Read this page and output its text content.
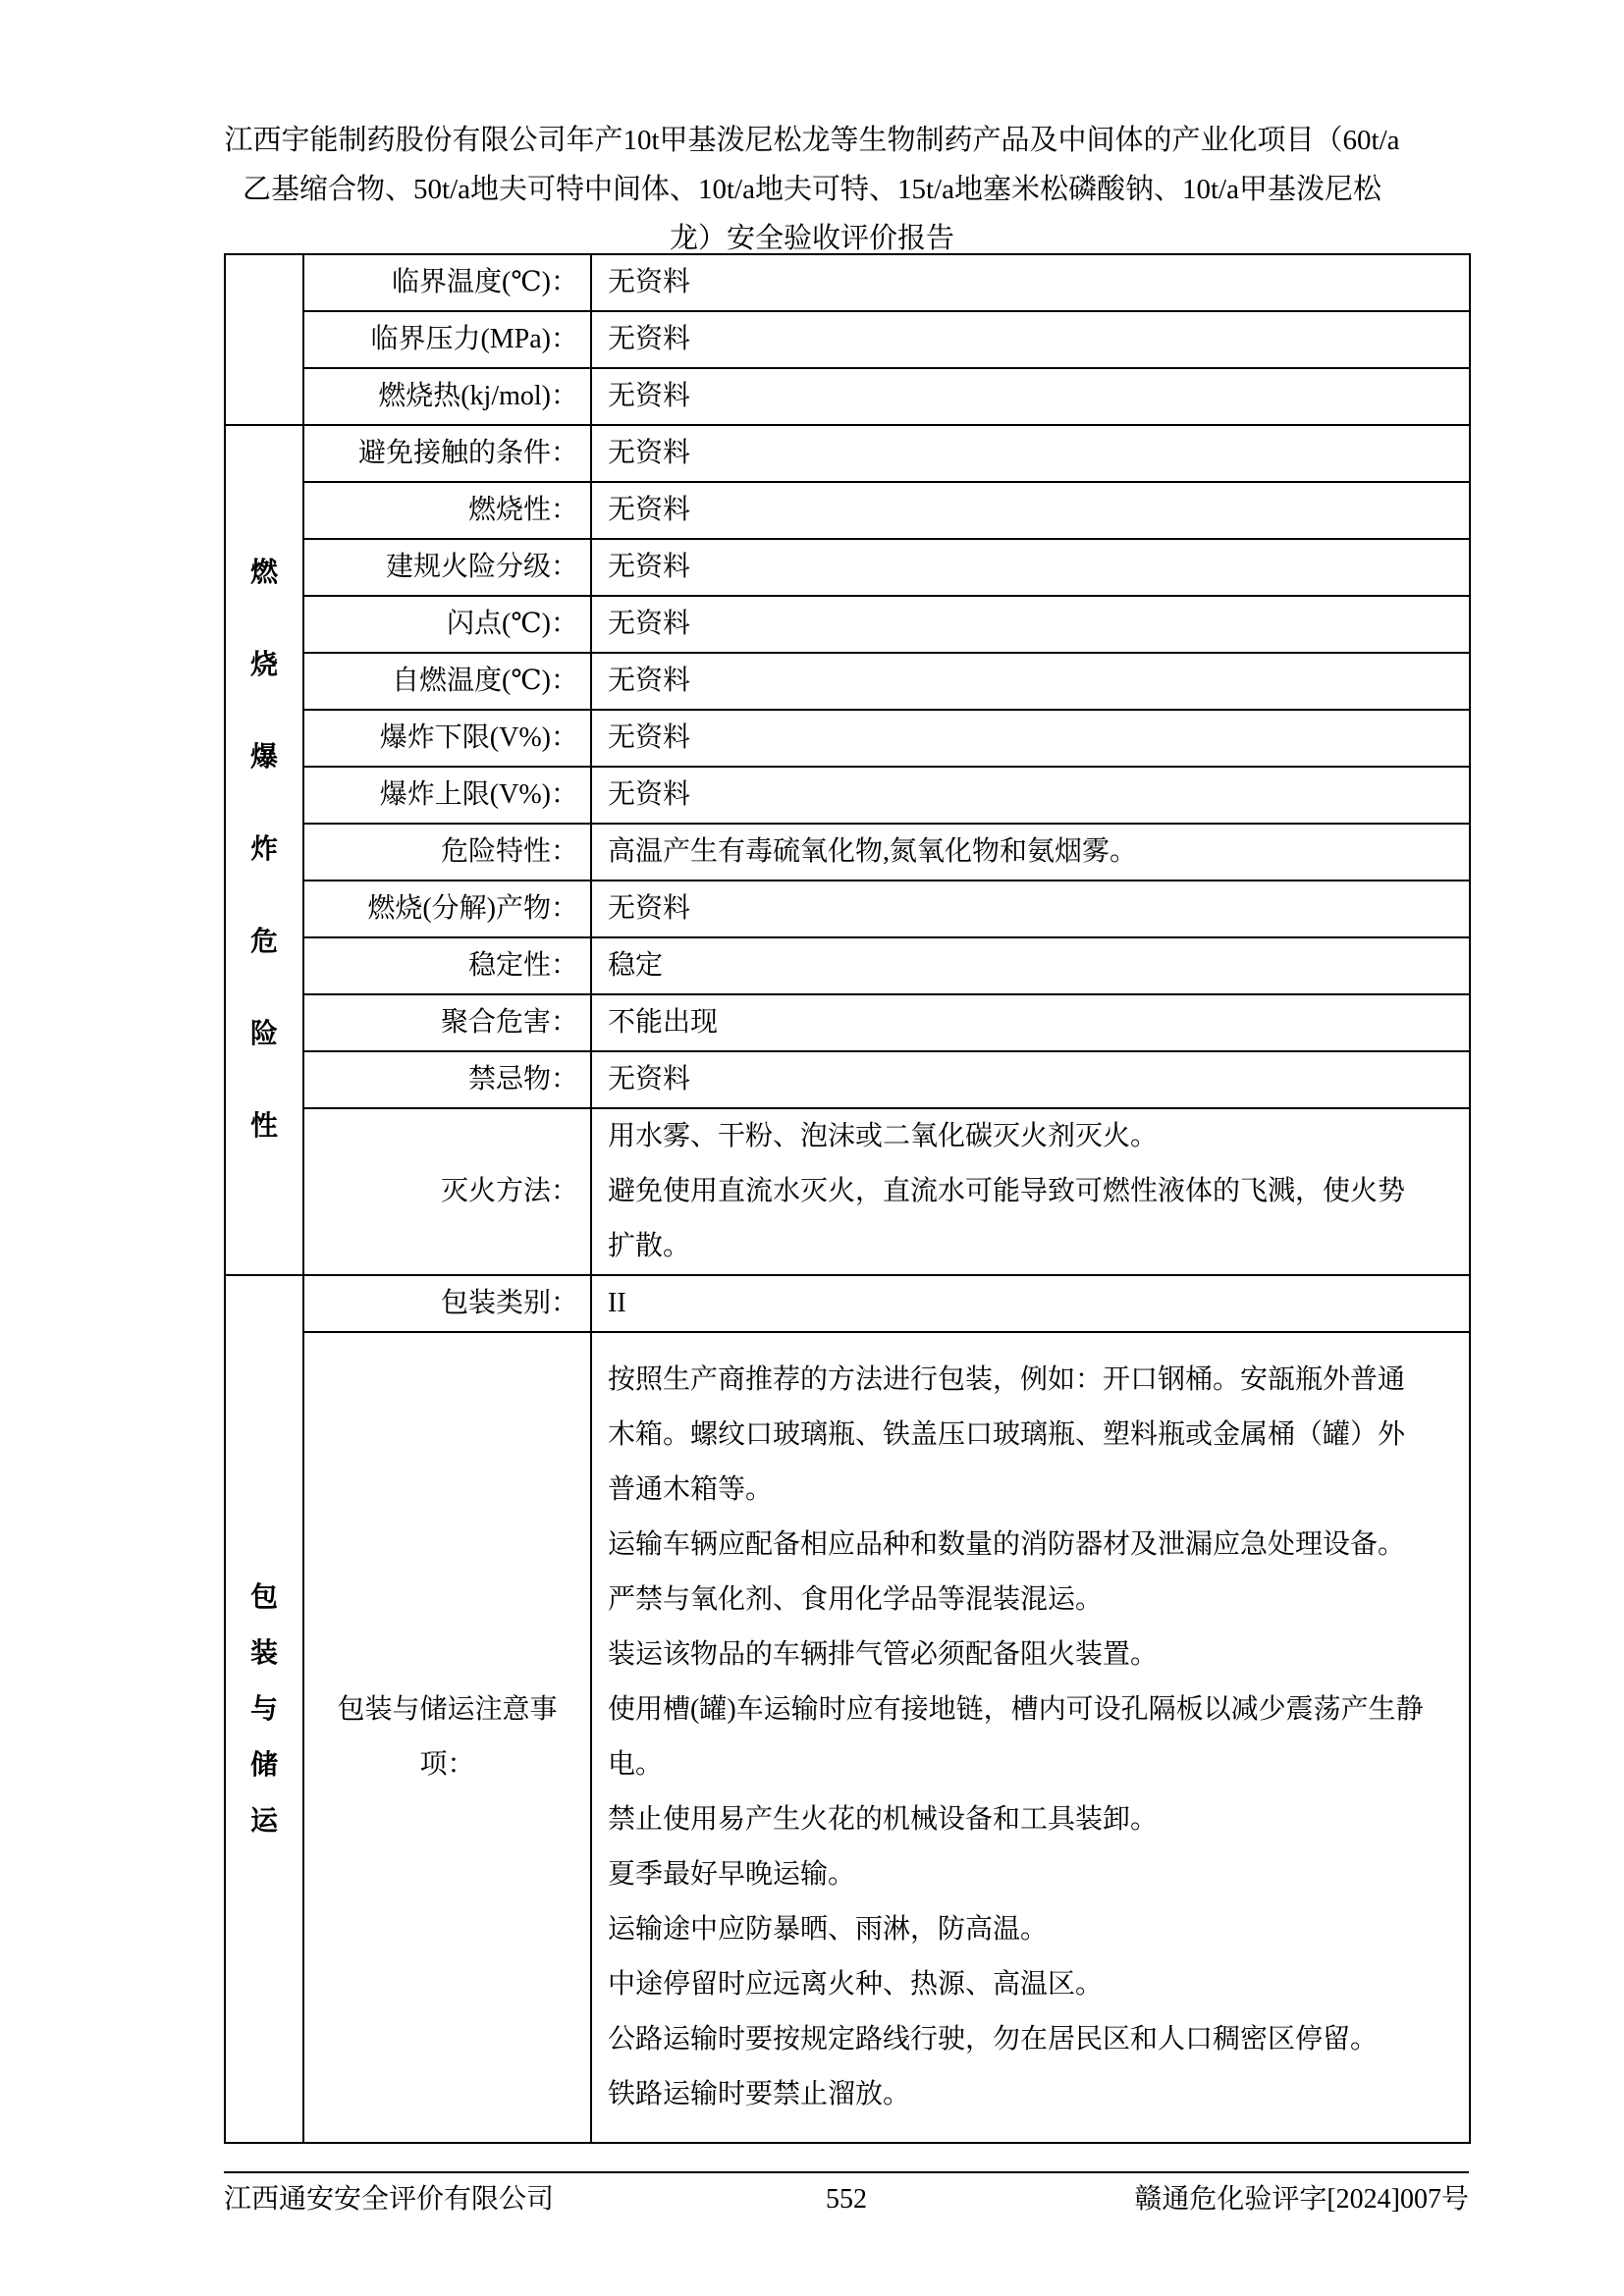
江西宇能制药股份有限公司年产10t甲基泼尼松龙等生物制药产品及中间体的产业化项目（60t/a
乙基缩合物、50t/a地夫可特中间体、10t/a地夫可特、15t/a地塞米松磷酸钠、10t/a甲基泼尼松
龙）安全验收评价报告
	临界温度(℃)：	无资料

	临界压力(MPa)：	无资料

	燃烧热(kj/mol)：	无资料

燃
烧
爆
炸
危
险
性
	避免接触的条件：	无资料

	燃烧性：	无资料

	建规火险分级：	无资料

	闪点(℃)：	无资料

	自燃温度(℃)：	无资料

	爆炸下限(V%)：	无资料

	爆炸上限(V%)：	无资料

	危险特性：	高温产生有毒硫氧化物,氮氧化物和氨烟雾。

	燃烧(分解)产物：	无资料

	稳定性：	稳定

	聚合危害：	不能出现

	禁忌物：	无资料

	灭火方法：	用水雾、干粉、泡沫或二氧化碳灭火剂灭火。
避免使用直流水灭火，直流水可能导致可燃性液体的飞溅，使火势扩散。

包
装
与
储
运	包装类别：	II

包装与储运注意事项：	
按照生产商推荐的方法进行包装，例如：开口钢桶。安瓿瓶外普通木箱。螺纹口玻璃瓶、铁盖压口玻璃瓶、塑料瓶或金属桶（罐）外普通木箱等。
运输车辆应配备相应品种和数量的消防器材及泄漏应急处理设备。
严禁与氧化剂、食用化学品等混装混运。
装运该物品的车辆排气管必须配备阻火装置。
使用槽(罐)车运输时应有接地链，槽内可设孔隔板以减少震荡产生静电。
禁止使用易产生火花的机械设备和工具装卸。
夏季最好早晚运输。
运输途中应防暴晒、雨淋，防高温。
中途停留时应远离火种、热源、高温区。
公路运输时要按规定路线行驶，勿在居民区和人口稠密区停留。
铁路运输时要禁止溜放。
江西通安安全评价有限公司	552	赣通危化验评字[2024]007号
